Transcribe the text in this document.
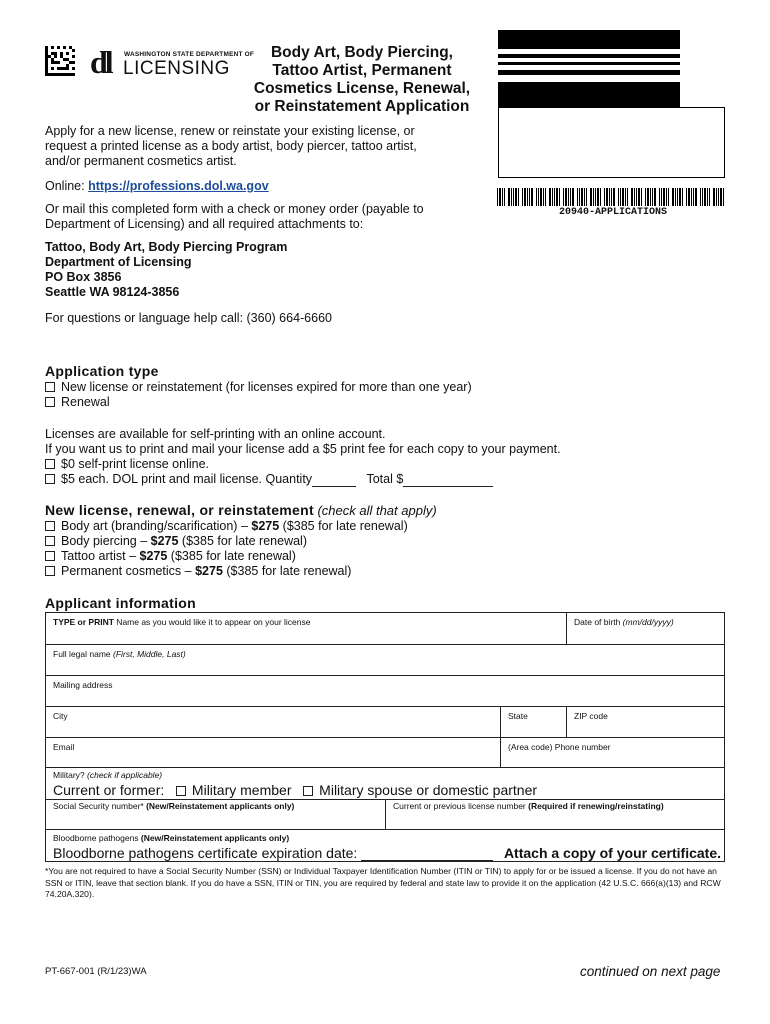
dl WASHINGTON STATE DEPARTMENT OF
LICENSING
Body Art, Body Piercing,
Tattoo Artist, Permanent
Cosmetics License, Renewal,
or Reinstatement Application
20940-APPLICATIONS
Apply for a new license, renew or reinstate your existing license, or
request a printed license as a body artist, body piercer, tattoo artist,
and/or permanent cosmetics artist.
Online: https://professions.dol.wa.gov
Or mail this completed form with a check or money order (payable to
Department of Licensing) and all required attachments to:
Tattoo, Body Art, Body Piercing Program
Department of Licensing
PO Box 3856
Seattle WA 98124-3856
For questions or language help call: (360) 664-6660
Application type
New license or reinstatement (for licenses expired for more than one year)
Renewal
Licenses are available for self-printing with an online account.
If you want us to print and mail your license add a $5 print fee for each copy to your payment.
$0 self-print license online.
$5 each. DOL print and mail license. Quantity	Total $
New license, renewal, or reinstatement (check all that apply)
Body art (branding/scarification) – $275 ($385 for late renewal)
Body piercing – $275 ($385 for late renewal)
Tattoo artist – $275 ($385 for late renewal)
Permanent cosmetics – $275 ($385 for late renewal)
Applicant information
TYPE or PRINT Name as you would like it to appear on your license	Date of birth (mm/dd/yyyy)
Full legal name (First, Middle, Last)
Mailing address
City	State	ZIP code
Email	(Area code) Phone number
Military? (check if applicable)
Current or former: Military member Military spouse or domestic partner
Social Security number* (New/Reinstatement applicants only)	Current or previous license number (Required if renewing/reinstating)
Bloodborne pathogens (New/Reinstatement applicants only)
Bloodborne pathogens certificate expiration date:	Attach a copy of your certificate.
*You are not required to have a Social Security Number (SSN) or Individual Taxpayer Identification Number (ITIN or TIN) to apply for or be issued a license. If you do not have an SSN or ITIN, leave that section blank. If you do have a SSN, ITIN or TIN, you are required by federal and state law to provide it on the application (42 U.S.C. 666(a)(13) and RCW 74.20A.320).
PT-667-001 (R/1/23)WA	continued on next page
